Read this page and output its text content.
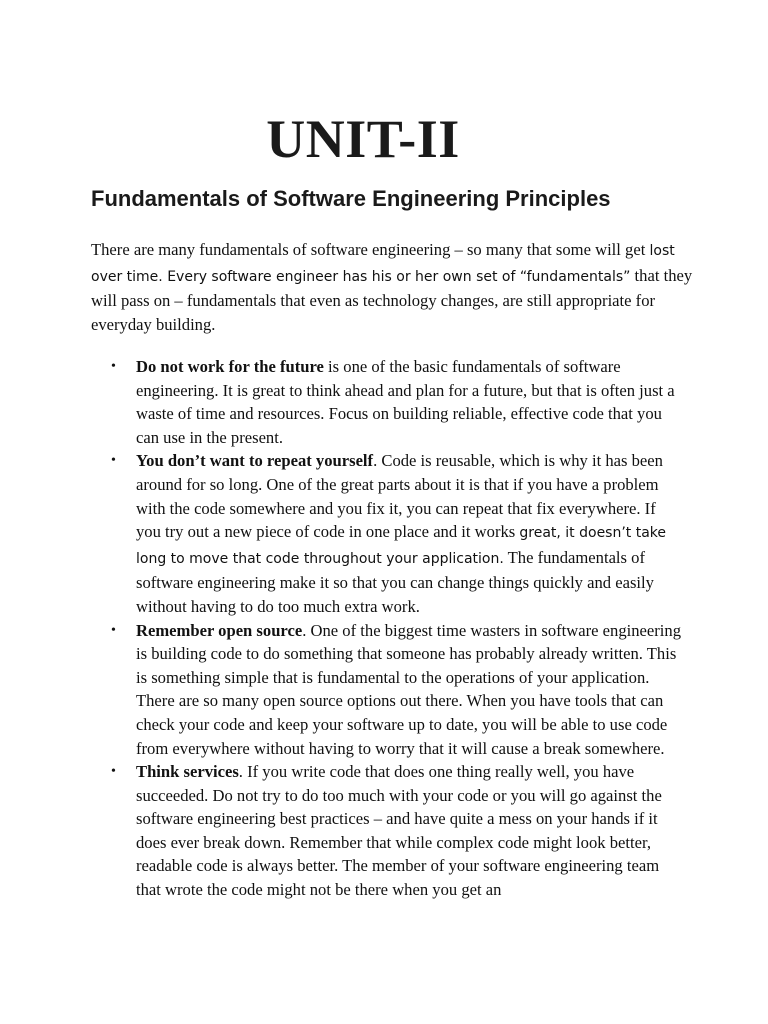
UNIT-II
Fundamentals of Software Engineering Principles

There are many fundamentals of software engineering – so many that some will get lost over time. Every software engineer has his or her own set of “fundamentals” that they will pass on – fundamentals that even as technology changes, are still appropriate for everyday building.

• Do not work for the future is one of the basic fundamentals of software engineering. It is great to think ahead and plan for a future, but that is often just a waste of time and resources. Focus on building reliable, effective code that you can use in the present.
• You don’t want to repeat yourself. Code is reusable, which is why it has been around for so long. One of the great parts about it is that if you have a problem with the code somewhere and you fix it, you can repeat that fix everywhere. If you try out a new piece of code in one place and it works great, it doesn’t take long to move that code throughout your application. The fundamentals of software engineering make it so that you can change things quickly and easily without having to do too much extra work.
• Remember open source. One of the biggest time wasters in software engineering is building code to do something that someone has probably already written. This is something simple that is fundamental to the operations of your application. There are so many open source options out there. When you have tools that can check your code and keep your software up to date, you will be able to use code from everywhere without having to worry that it will cause a break somewhere.
• Think services. If you write code that does one thing really well, you have succeeded. Do not try to do too much with your code or you will go against the software engineering best practices – and have quite a mess on your hands if it does ever break down. Remember that while complex code might look better, readable code is always better. The member of your software engineering team that wrote the code might not be there when you get an
